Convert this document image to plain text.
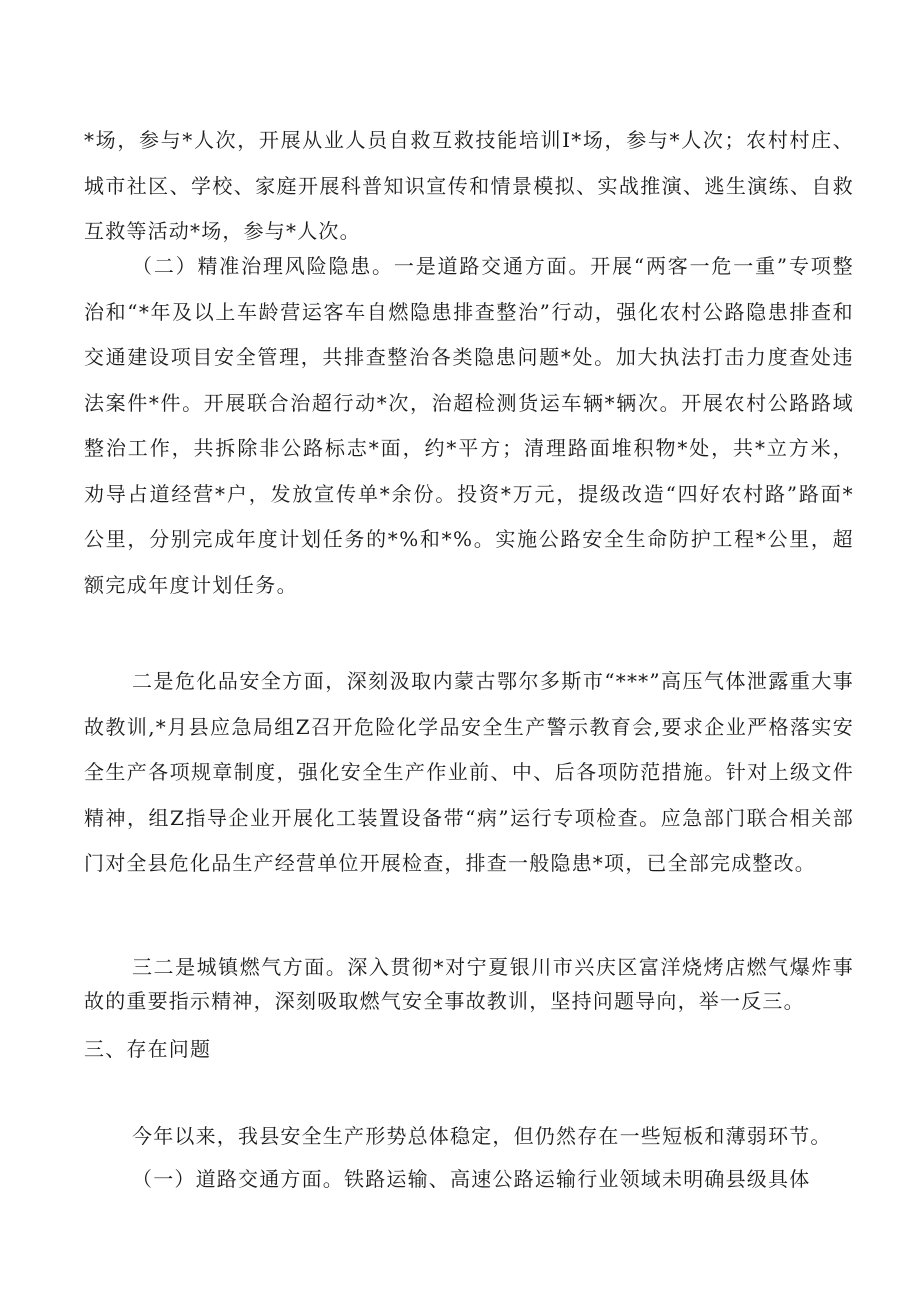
*场，参与*人次，开展从业人员自救互救技能培训I*场，参与*人次；农村村庄、城市社区、学校、家庭开展科普知识宣传和情景模拟、实战推演、逃生演练、自救互救等活动*场，参与*人次。

（二）精准治理风险隐患。一是道路交通方面。开展“两客一危一重”专项整治和“*年及以上车龄营运客车自燃隐患排查整治”行动，强化农村公路隐患排查和交通建设项目安全管理，共排查整治各类隐患问题*处。加大执法打击力度查处违法案件*件。开展联合治超行动*次，治超检测货运车辆*辆次。开展农村公路路域整治工作，共拆除非公路标志*面，约*平方；清理路面堆积物*处，共*立方米，劝导占道经营*户，发放宣传单*余份。投资*万元，提级改造“四好农村路”路面*公里，分别完成年度计划任务的*%和*%。实施公路安全生命防护工程*公里，超额完成年度计划任务。

二是危化品安全方面，深刻汲取内蒙古鄂尔多斯市“***”高压气体泄露重大事故教训,*月县应急局组Z召开危险化学品安全生产警示教育会,要求企业严格落实安全生产各项规章制度，强化安全生产作业前、中、后各项防范措施。针对上级文件精神，组Z指导企业开展化工装置设备带“病”运行专项检查。应急部门联合相关部门对全县危化品生产经营单位开展检查，排查一般隐患*项，已全部完成整改。

三二是城镇燃气方面。深入贯彻*对宁夏银川市兴庆区富洋烧烤店燃气爆炸事故的重要指示精神，深刻吸取燃气安全事故教训，坚持问题导向，举一反三。

三、存在问题

今年以来，我县安全生产形势总体稳定，但仍然存在一些短板和薄弱环节。

（一）道路交通方面。铁路运输、高速公路运输行业领域未明确县级具体
